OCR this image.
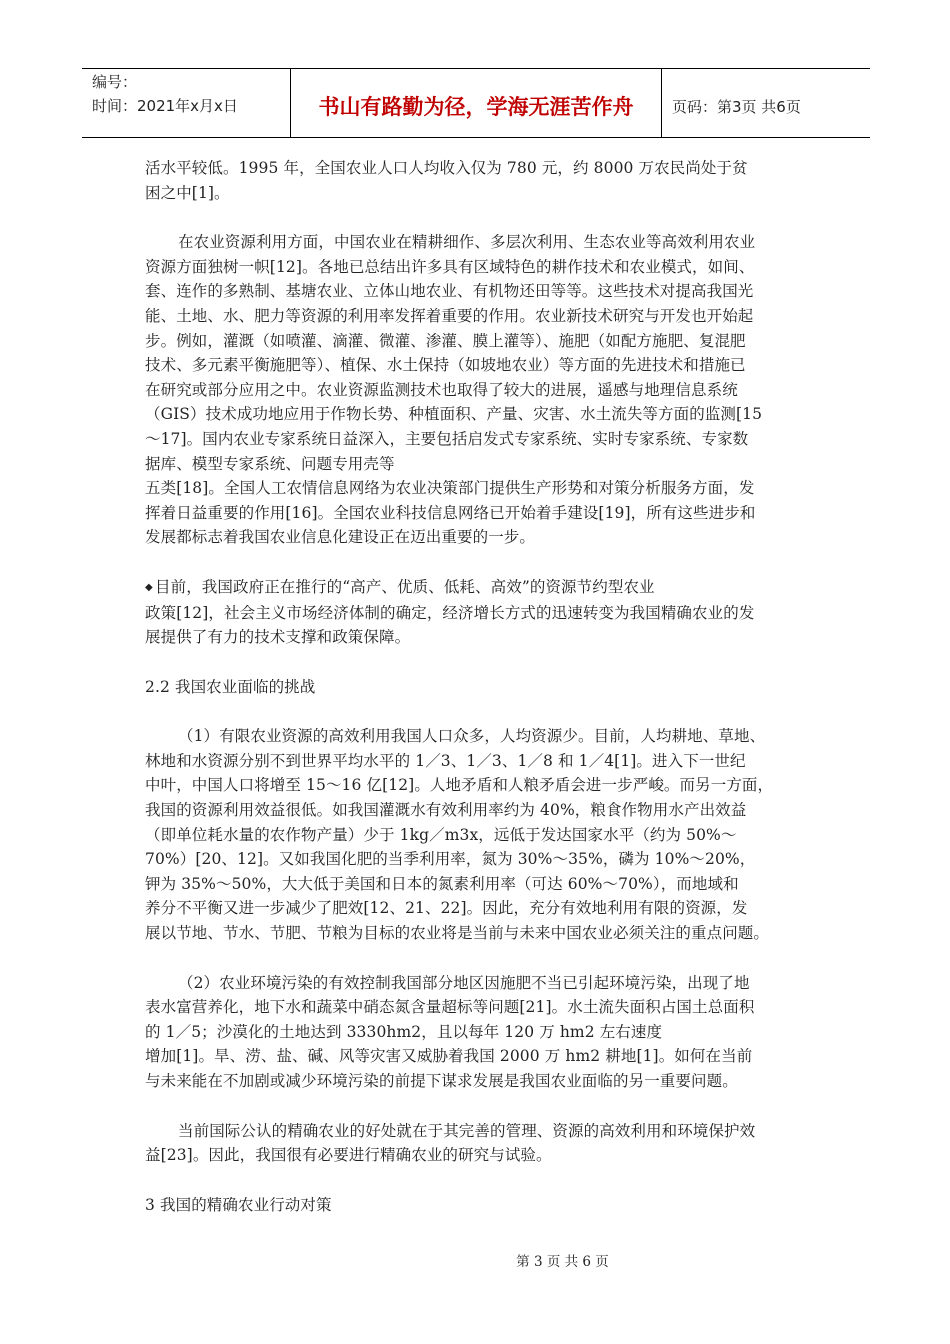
编号：
时间：2021年x月x日	书山有路勤为径，学海无涯苦作舟	页码：第3页 共6页

活水平较低。1995 年，全国农业人口人均收入仅为 780 元，约 8000 万农民尚处于贫
困之中[1]。

在农业资源利用方面，中国农业在精耕细作、多层次利用、生态农业等高效利用农业
资源方面独树一帜[12]。各地已总结出许多具有区域特色的耕作技术和农业模式，如间、
套、连作的多熟制、基塘农业、立体山地农业、有机物还田等等。这些技术对提高我国光
能、土地、水、肥力等资源的利用率发挥着重要的作用。农业新技术研究与开发也开始起
步。例如，灌溉（如喷灌、滴灌、微灌、渗灌、膜上灌等）、施肥（如配方施肥、复混肥
技术、多元素平衡施肥等）、植保、水土保持（如坡地农业）等方面的先进技术和措施已
在研究或部分应用之中。农业资源监测技术也取得了较大的进展，遥感与地理信息系统
（GIS）技术成功地应用于作物长势、种植面积、产量、灾害、水土流失等方面的监测[15
～17]。国内农业专家系统日益深入，主要包括启发式专家系统、实时专家系统、专家数
据库、模型专家系统、问题专用壳等
五类[18]。全国人工农情信息网络为农业决策部门提供生产形势和对策分析服务方面，发
挥着日益重要的作用[16]。全国农业科技信息网络已开始着手建设[19]，所有这些进步和
发展都标志着我国农业信息化建设正在迈出重要的一步。

◆ 目前，我国政府正在推行的“高产、优质、低耗、高效”的资源节约型农业
政策[12]，社会主义市场经济体制的确定，经济增长方式的迅速转变为我国精确农业的发
展提供了有力的技术支撑和政策保障。

2.2 我国农业面临的挑战

（1）有限农业资源的高效利用我国人口众多，人均资源少。目前，人均耕地、草地、
林地和水资源分别不到世界平均水平的 1／3、1／3、1／8 和 1／4[1]。进入下一世纪
中叶，中国人口将增至 15～16 亿[12]。人地矛盾和人粮矛盾会进一步严峻。而另一方面，
我国的资源利用效益很低。如我国灌溉水有效利用率约为 40%，粮食作物用水产出效益
（即单位耗水量的农作物产量）少于 1kg／m3x，远低于发达国家水平（约为 50%～
70%）[20、12]。又如我国化肥的当季利用率，氮为 30%～35%，磷为 10%～20%，
钾为 35%～50%，大大低于美国和日本的氮素利用率（可达 60%～70%），而地域和
养分不平衡又进一步减少了肥效[12、21、22]。因此，充分有效地利用有限的资源，发
展以节地、节水、节肥、节粮为目标的农业将是当前与未来中国农业必须关注的重点问题。

（2）农业环境污染的有效控制我国部分地区因施肥不当已引起环境污染，出现了地
表水富营养化，地下水和蔬菜中硝态氮含量超标等问题[21]。水土流失面积占国土总面积
的 1／5；沙漠化的土地达到 3330hm2，且以每年 120 万 hm2 左右速度
增加[1]。旱、涝、盐、碱、风等灾害又威胁着我国 2000 万 hm2 耕地[1]。如何在当前
与未来能在不加剧或减少环境污染的前提下谋求发展是我国农业面临的另一重要问题。

当前国际公认的精确农业的好处就在于其完善的管理、资源的高效利用和环境保护效
益[23]。因此，我国很有必要进行精确农业的研究与试验。

3 我国的精确农业行动对策

第 3 页 共 6 页
